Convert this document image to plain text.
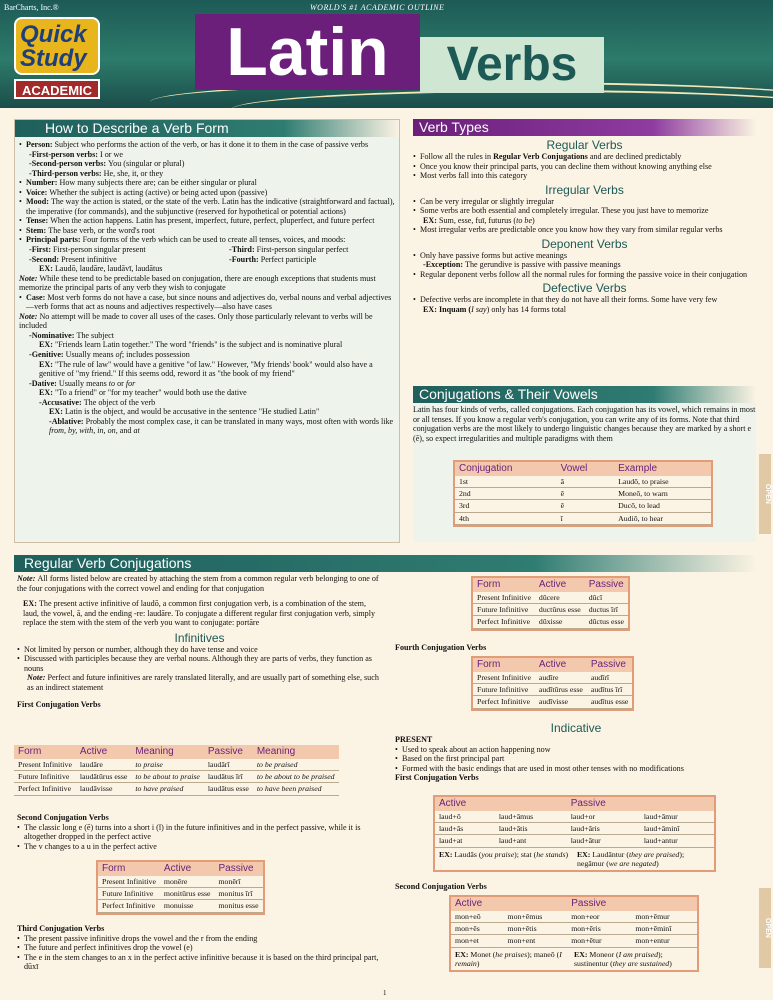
BarCharts, Inc.®	WORLD'S #1 ACADEMIC OUTLINE
Quick
Study
ACADEMIC
Latin	Verbs
How to Describe a Verb Form
• Person: Subject who performs the action of the verb, or has it done it to them in the case of passive verbs
-First-person verbs: I or we
-Second-person verbs: You (singular or plural)
-Third-person verbs: He, she, it, or they
• Number: How many subjects there are; can be either singular or plural
• Voice: Whether the subject is acting (active) or being acted upon (passive)
• Mood: The way the action is stated, or the state of the verb. Latin has the indicative (straightforward and factual), the imperative (for commands), and the subjunctive (reserved for hypothetical or potential actions)
• Tense: When the action happens. Latin has present, imperfect, future, perfect, pluperfect, and future perfect
• Stem: The base verb, or the word's root
• Principal parts: Four forms of the verb which can be used to create all tenses, voices, and moods:
-First: First-person singular present	-Third: First-person singular perfect
-Second: Present infinitive	-Fourth: Perfect participle
EX: Laudō, laudāre, laudāvī, laudātus

Note: While these tend to be predictable based on conjugation, there are enough exceptions that students must memorize the principal parts of any verb they wish to conjugate

• Case: Most verb forms do not have a case, but since nouns and adjectives do, verbal nouns and verbal adjectives—verb forms that act as nouns and adjectives respectively—also have cases

Note: No attempt will be made to cover all uses of the cases. Only those particularly relevant to verbs will be included

-Nominative: The subject
EX: "Friends learn Latin together." The word "friends" is the subject and is nominative plural
-Genitive: Usually means of; includes possession
EX: "The rule of law" would have a genitive "of law." However, "My friends' book" would also have a genitive of "my friend." If this seems odd, reword it as "the book of my friend"
-Dative: Usually means to or for
EX: "To a friend" or "for my teacher" would both use the dative
-Accusative: The object of the verb
EX: Latin is the object, and would be accusative in the sentence "He studied Latin"
-Ablative: Probably the most complex case, it can be translated in many ways, most often with words like from, by, with, in, on, and at
Verb Types
Regular Verbs
• Follow all the rules in Regular Verb Conjugations and are declined predictably
• Once you know their principal parts, you can decline them without knowing anything else
• Most verbs fall into this category
Irregular Verbs
• Can be very irregular or slightly irregular
• Some verbs are both essential and completely irregular. These you just have to memorize
EX: Sum, esse, fuī, futurus (to be)
• Most irregular verbs are predictable once you know how they vary from similar regular verbs
Deponent Verbs
• Only have passive forms but active meanings
-Exception: The gerundive is passive with passive meanings
• Regular deponent verbs follow all the normal rules for forming the passive voice in their conjugation
Defective Verbs
• Defective verbs are incomplete in that they do not have all their forms. Some have very few
EX: Inquam (I say) only has 14 forms total
Conjugations & Their Vowels

Latin has four kinds of verbs, called conjugations. Each conjugation has its vowel, which remains in most or all tenses. If you know a regular verb's conjugation, you can write any of its forms. Note that third conjugation verbs are the most likely to undergo linguistic changes because they are marked by a short e (ĕ), so expect irregularities and multiple paradigms with them

Conjugation	Vowel	Example
1st	ā	Laudō, to praise
2nd	ē	Moneō, to warn
3rd	ĕ	Ducō, to lead
4th	ī	Audiō, to hear
Regular Verb Conjugations

Note: All forms listed below are created by attaching the stem from a common regular verb belonging to one of the four conjugations with the correct vowel and ending for that conjugation

EX: The present active infinitive of laudō, a common first conjugation verb, is a combination of the stem, laud, the vowel, ā, and the ending -re: laudāre. To conjugate a different regular first conjugation verb, simply replace the stem with the stem of the verb you want to conjugate: portāre

Infinitives
• Not limited by person or number, although they do have tense and voice
• Discussed with participles because they are verbal nouns. Although they are parts of verbs, they function as nouns
Note: Perfect and future infinitives are rarely translated literally, and are usually part of something else, such as an indirect statement
First Conjugation Verbs
Form	Active	Meaning	Passive	Meaning
Present Infinitive	laudāre	to praise	laudārī	to be praised
Future Infinitive	laudātūrus esse	to be about to praise	laudātus īrī	to be about to be praised
Perfect Infinitive	laudāvisse	to have praised	laudātus esse	to have been praised
Second Conjugation Verbs
• The classic long e (ē) turns into a short i (ĭ) in the future infinitives and in the perfect passive, while it is altogether dropped in the perfect active
• The v changes to a u in the perfect active
Form	Active	Passive
Present Infinitive	monēre	monērī
Future Infinitive	monitūrus esse	monitus īrī
Perfect Infinitive	monuisse	monitus esse
Third Conjugation Verbs
• The present passive infinitive drops the vowel and the r from the ending
• The future and perfect infinitives drop the vowel (e)
• The e in the stem changes to an x in the perfect active infinitive because it is based on the third principal part, dūxī
Form	Active	Passive
Present Infinitive	dūcere	dūcī
Future Infinitive	ductūrus esse	ductus īrī
Perfect Infinitive	dūxisse	dūctus esse
Fourth Conjugation Verbs
Form	Active	Passive
Present Infinitive	audīre	audīrī
Future Infinitive	audītūrus esse	audītus īrī
Perfect Infinitive	audīvisse	audītus esse
Indicative
PRESENT
• Used to speak about an action happening now
• Based on the first principal part
• Formed with the basic endings that are used in most other tenses with no modifications
First Conjugation Verbs
Active		Passive	
laud+ō	laud+āmus	laud+or	laud+āmur
laud+ās	laud+ātis	laud+āris	laud+āminī
laud+at	laud+ant	laud+ātur	laud+antur
EX: Laudās (you praise); stat (he stands)	EX: Laudāntur (they are praised); negāmur (we are negated)
Second Conjugation Verbs
Active		Passive	
mon+eō	mon+ēmus	mon+eor	mon+ēmur
mon+ēs	mon+ētis	mon+ēris	mon+ēminī
mon+et	mon+ent	mon+ētur	mon+entur
EX: Monet (he praises); maneō (I remain)
EX: Moneor (I am praised); sustinentur (they are sustained)
OPEN
OPEN
1
